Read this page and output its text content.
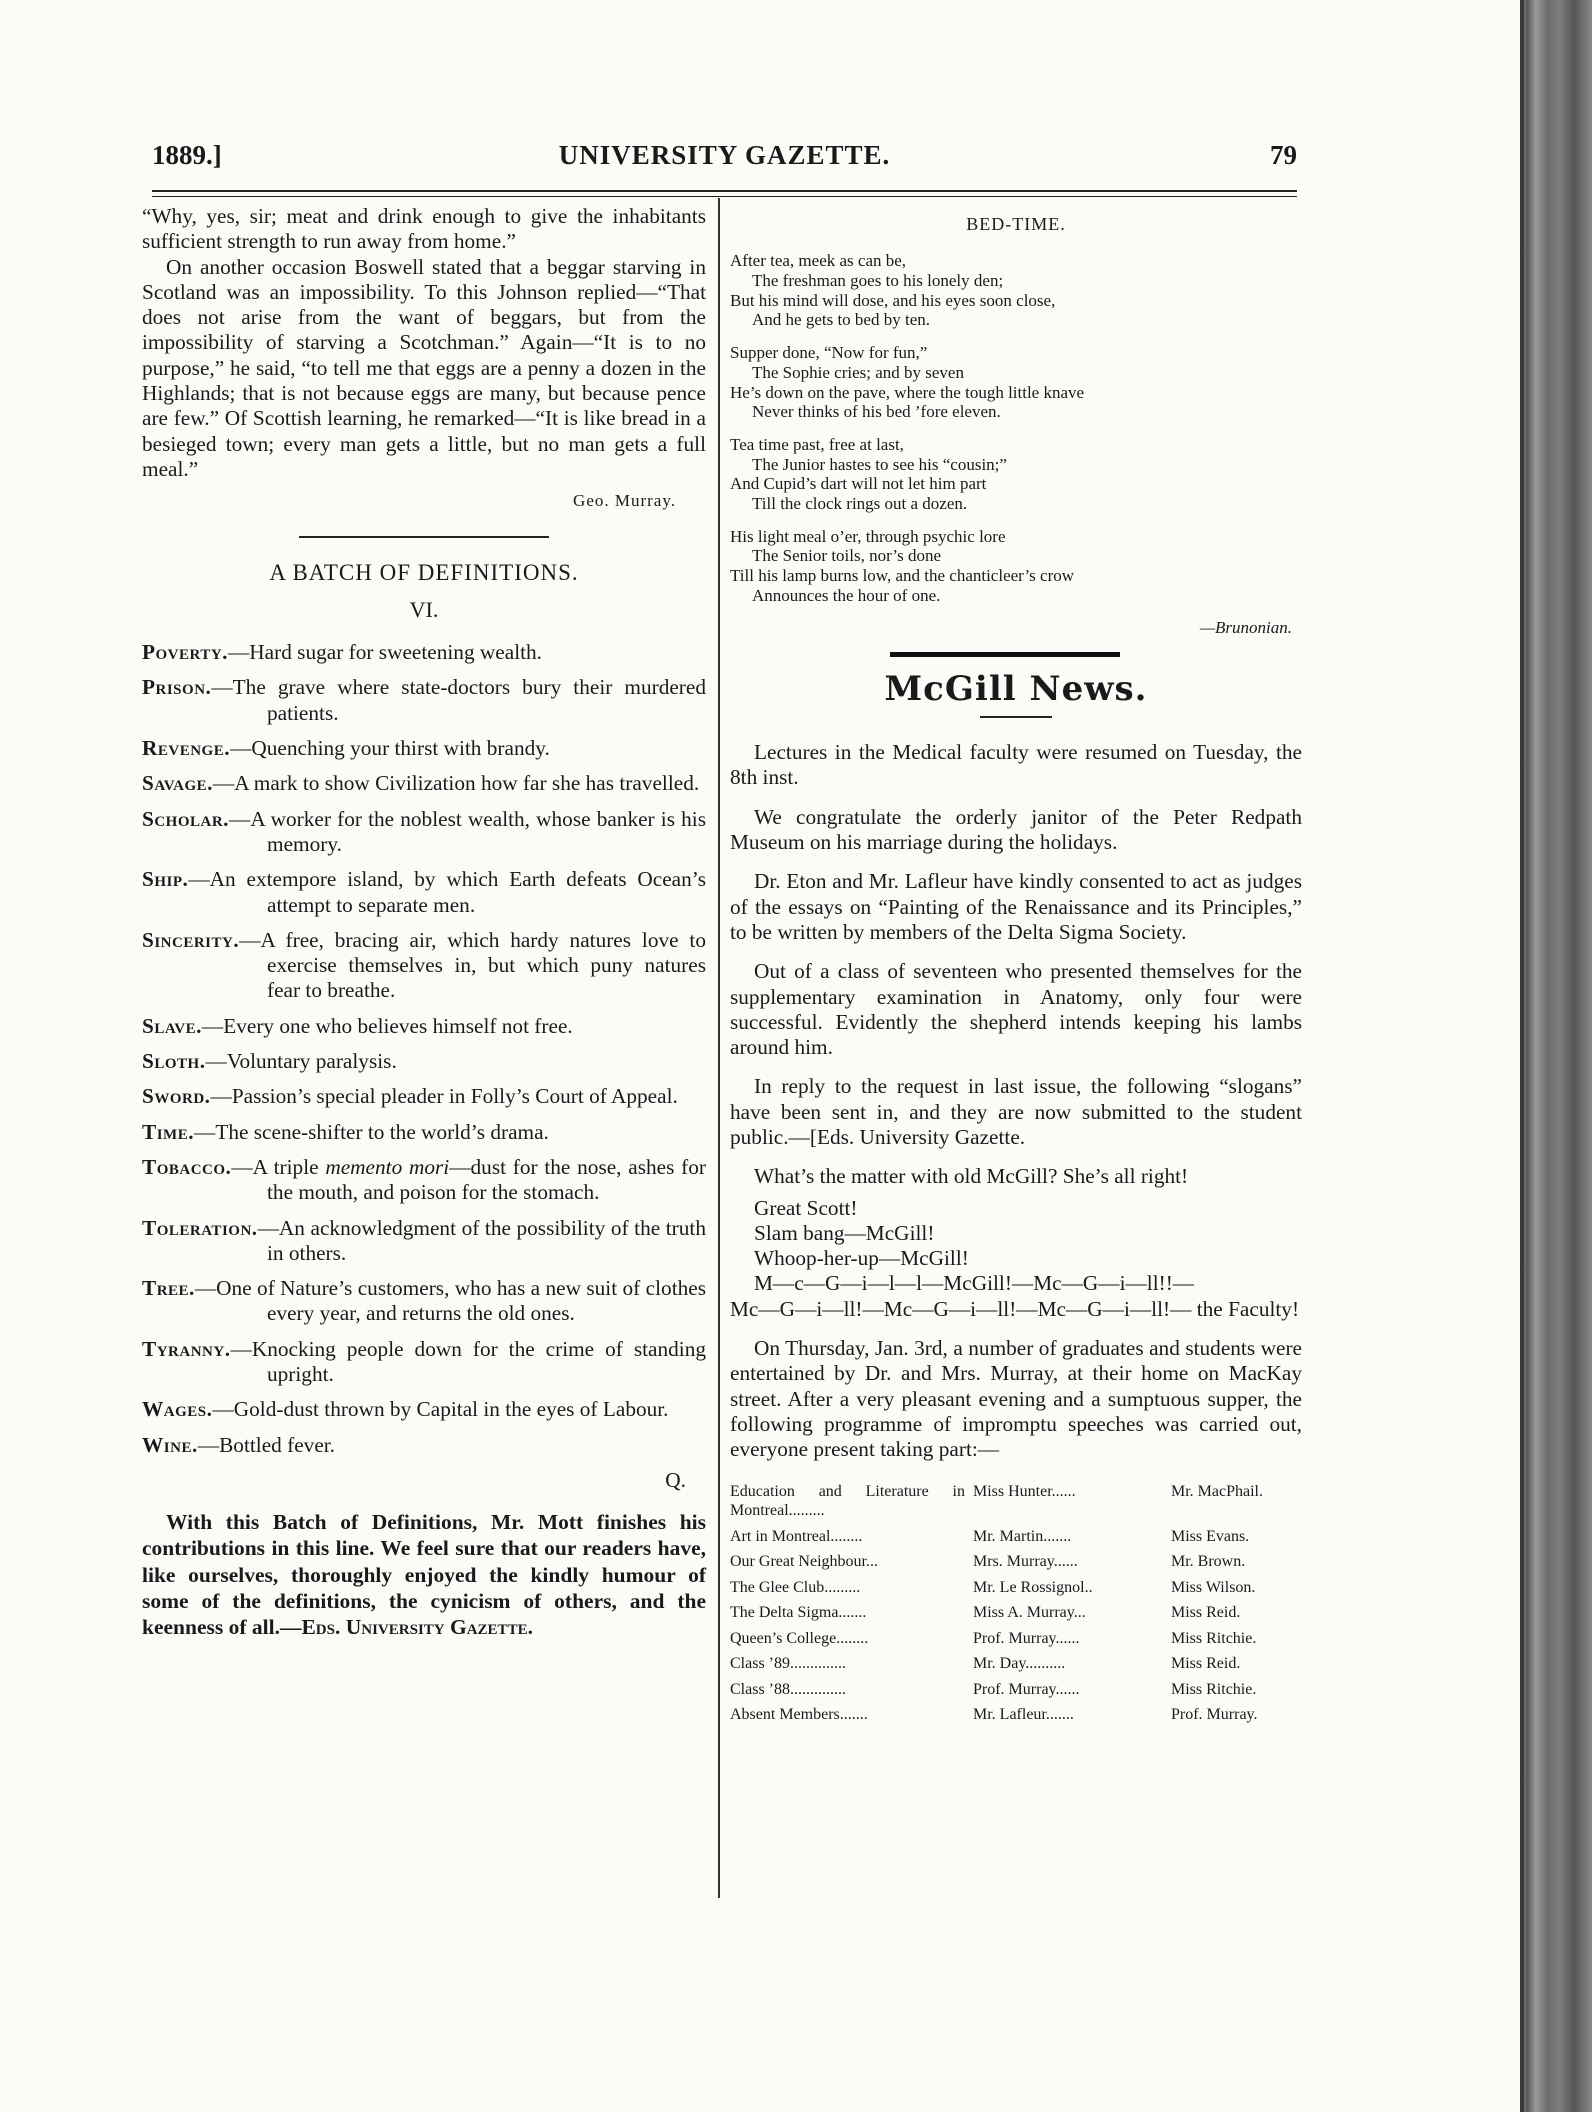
1889.]	UNIVERSITY GAZETTE.	79

“Why, yes, sir; meat and drink enough to give the inhabitants sufficient strength to run away from home.”

On another occasion Boswell stated that a beggar starving in Scotland was an impossibility. To this Johnson replied—“That does not arise from the want of beggars, but from the impossibility of starving a Scotchman.” Again—“It is to no purpose,” he said, “to tell me that eggs are a penny a dozen in the Highlands; that is not because eggs are many, but because pence are few.” Of Scottish learning, he remarked—“It is like bread in a besieged town; every man gets a little, but no man gets a full meal.”

Geo. Murray.
A BATCH OF DEFINITIONS.
VI.

Poverty.—Hard sugar for sweetening wealth.

Prison.—The grave where state-doctors bury their murdered patients.

Revenge.—Quenching your thirst with brandy.

Savage.—A mark to show Civilization how far she has travelled.

Scholar.—A worker for the noblest wealth, whose banker is his memory.

Ship.—An extempore island, by which Earth defeats Ocean’s attempt to separate men.

Sincerity.—A free, bracing air, which hardy natures love to exercise themselves in, but which puny natures fear to breathe.

Slave.—Every one who believes himself not free.

Sloth.—Voluntary paralysis.

Sword.—Passion’s special pleader in Folly’s Court of Appeal.

Time.—The scene-shifter to the world’s drama.

Tobacco.—A triple memento mori—dust for the nose, ashes for the mouth, and poison for the stomach.

Toleration.—An acknowledgment of the possibility of the truth in others.

Tree.—One of Nature’s customers, who has a new suit of clothes every year, and returns the old ones.

Tyranny.—Knocking people down for the crime of standing upright.

Wages.—Gold-dust thrown by Capital in the eyes of Labour.

Wine.—Bottled fever.

Q.

With this Batch of Definitions, Mr. Mott finishes his contributions in this line. We feel sure that our readers have, like ourselves, thoroughly enjoyed the kindly humour of some of the definitions, the cynicism of others, and the keenness of all.—Eds. University Gazette.

BED-TIME.
After tea, meek as can be,
The freshman goes to his lonely den;
But his mind will dose, and his eyes soon close,
And he gets to bed by ten.
Supper done, “Now for fun,”
The Sophie cries; and by seven
He’s down on the pave, where the tough little knave
Never thinks of his bed ’fore eleven.
Tea time past, free at last,
The Junior hastes to see his “cousin;”
And Cupid’s dart will not let him part
Till the clock rings out a dozen.
His light meal o’er, through psychic lore
The Senior toils, nor’s done
Till his lamp burns low, and the chanticleer’s crow
Announces the hour of one.
—Brunonian.
McGill News.

Lectures in the Medical faculty were resumed on Tuesday, the 8th inst.

We congratulate the orderly janitor of the Peter Redpath Museum on his marriage during the holidays.

Dr. Eton and Mr. Lafleur have kindly consented to act as judges of the essays on “Painting of the Renaissance and its Principles,” to be written by members of the Delta Sigma Society.

Out of a class of seventeen who presented themselves for the supplementary examination in Anatomy, only four were successful. Evidently the shepherd intends keeping his lambs around him.

In reply to the request in last issue, the following “slogans” have been sent in, and they are now submitted to the student public.—[Eds. University Gazette.

What’s the matter with old McGill? She’s all right!

Great Scott!
Slam bang—McGill!
Whoop-her-up—McGill!
M—c—G—i—l—l—McGill!—Mc—G—i—ll!!—
Mc—G—i—ll!—Mc—G—i—ll!—Mc—G—i—ll!— the Faculty!

On Thursday, Jan. 3rd, a number of graduates and students were entertained by Dr. and Mrs. Murray, at their home on MacKay street. After a very pleasant evening and a sumptuous supper, the following programme of impromptu speeches was carried out, everyone present taking part:—

Education and Literature in Montreal.........	Miss Hunter......	Mr. MacPhail.
Art in Montreal........	Mr. Martin.......	Miss Evans.
Our Great Neighbour...	Mrs. Murray......	Mr. Brown.
The Glee Club.........	Mr. Le Rossignol..	Miss Wilson.
The Delta Sigma.......	Miss A. Murray...	Miss Reid.
Queen’s College........	Prof. Murray......	Miss Ritchie.
Class ’89..............	Mr. Day..........	Miss Reid.
Class ’88..............	Prof. Murray......	Miss Ritchie.
Absent Members.......	Mr. Lafleur.......	Prof. Murray.
